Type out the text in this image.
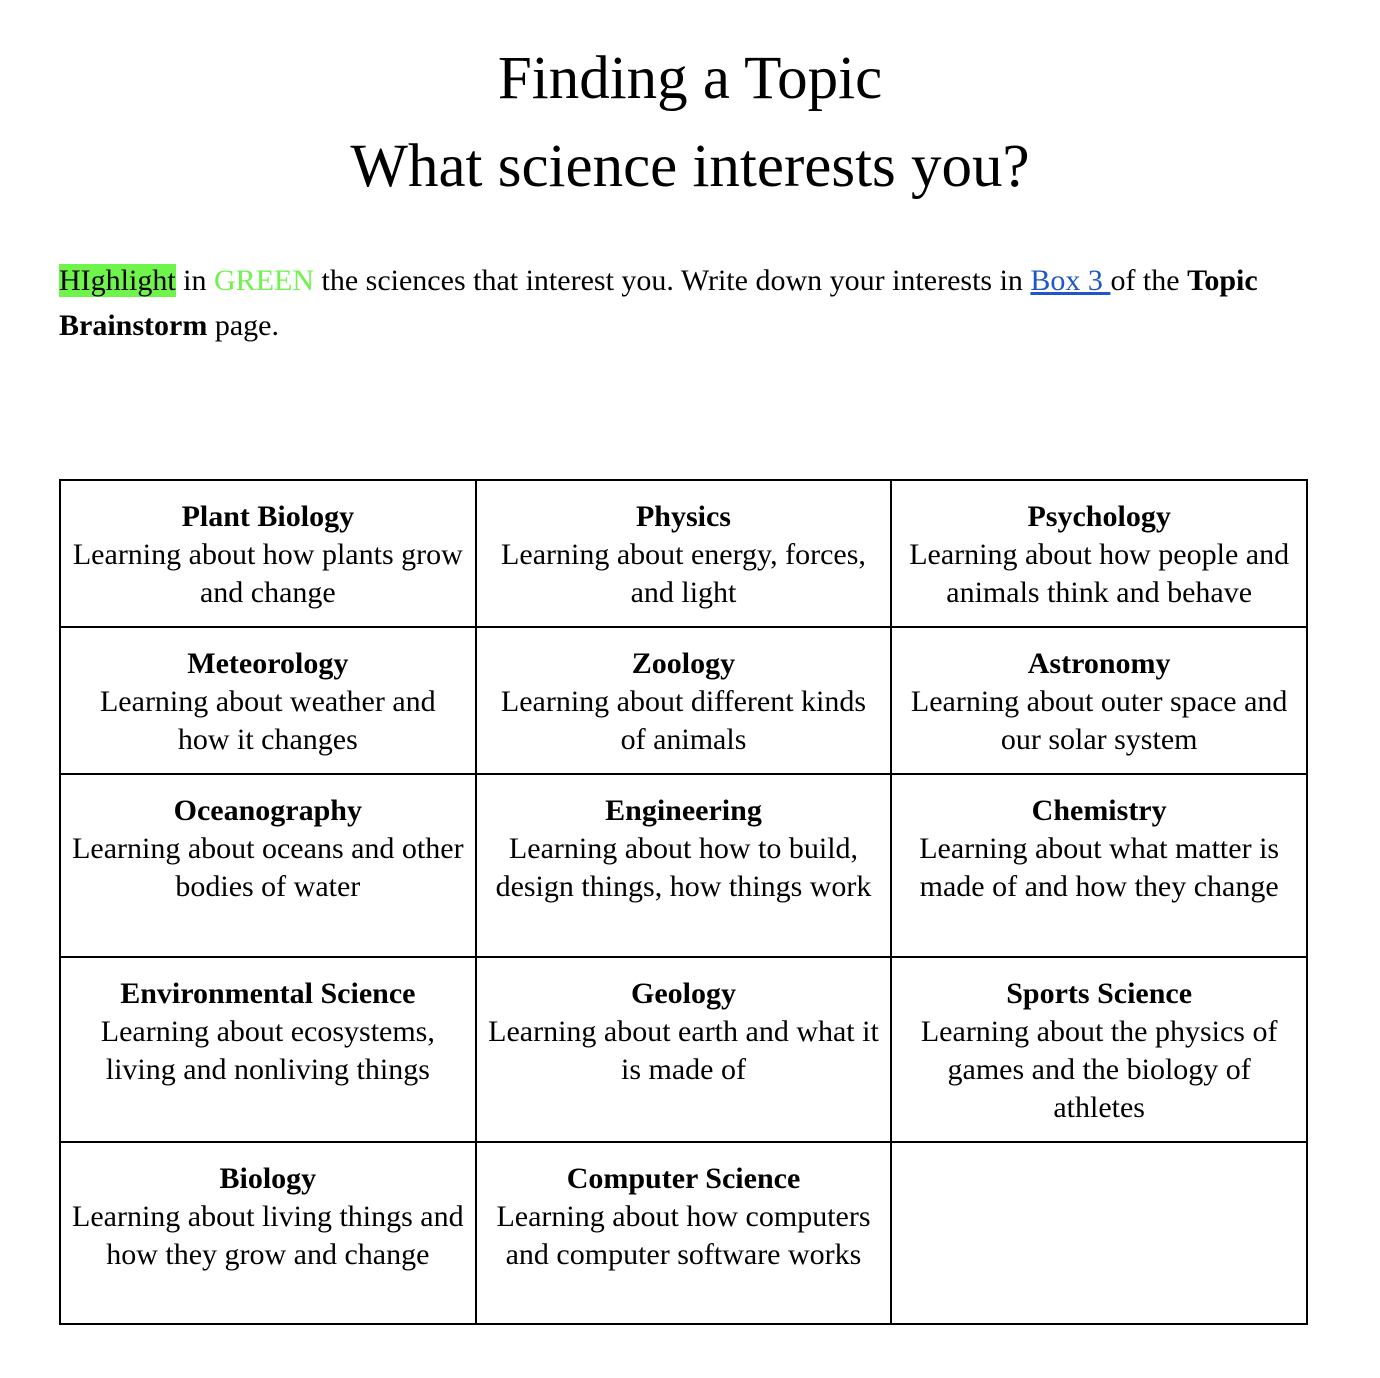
Finding a Topic
What science interests you?
HIghlight in GREEN the sciences that interest you. Write down your interests in Box 3 of the Topic Brainstorm page.
Plant Biology
Learning about how plants grow and change	Physics
Learning about energy, forces, and light	Psychology
Learning about how people and animals think and behave

Meteorology
Learning about weather and how it changes	Zoology
Learning about different kinds of animals	Astronomy
Learning about outer space and our solar system

Oceanography
Learning about oceans and other bodies of water	Engineering
Learning about how to build, design things, how things work	Chemistry
Learning about what matter is made of and how they change

Environmental Science
Learning about ecosystems, living and nonliving things	Geology
Learning about earth and what it is made of	Sports Science
Learning about the physics of games and the biology of athletes

Biology
Learning about living things and how they grow and change	Computer Science
Learning about how computers and computer software works	
